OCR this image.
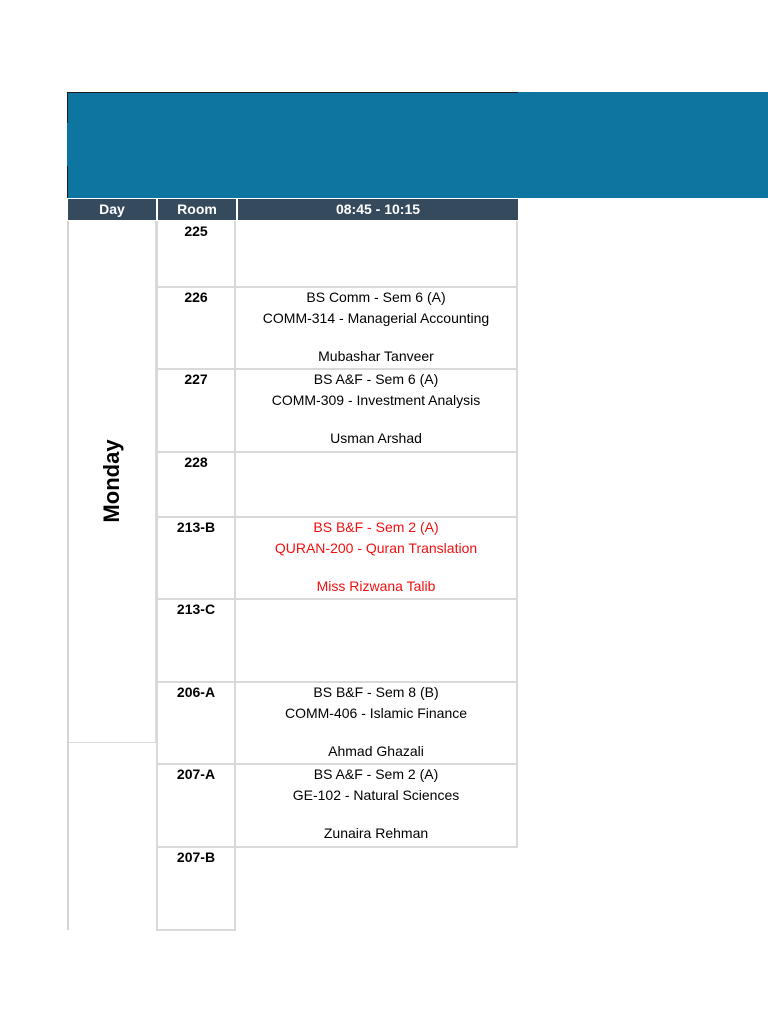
Day	Room	08:45 - 10:15
Monday
225
226	BS Comm - Sem 6 (A)
COMM-314 - Managerial Accounting
Mubashar Tanveer
227	BS A&F - Sem 6 (A)
COMM-309 - Investment Analysis
Usman Arshad
228
213-B	BS B&F - Sem 2 (A)
QURAN-200 - Quran Translation
Miss Rizwana Talib
213-C
206-A	BS B&F - Sem 8 (B)
COMM-406 - Islamic Finance
Ahmad Ghazali
207-A	BS A&F - Sem 2 (A)
GE-102 - Natural Sciences
Zunaira Rehman
207-B
